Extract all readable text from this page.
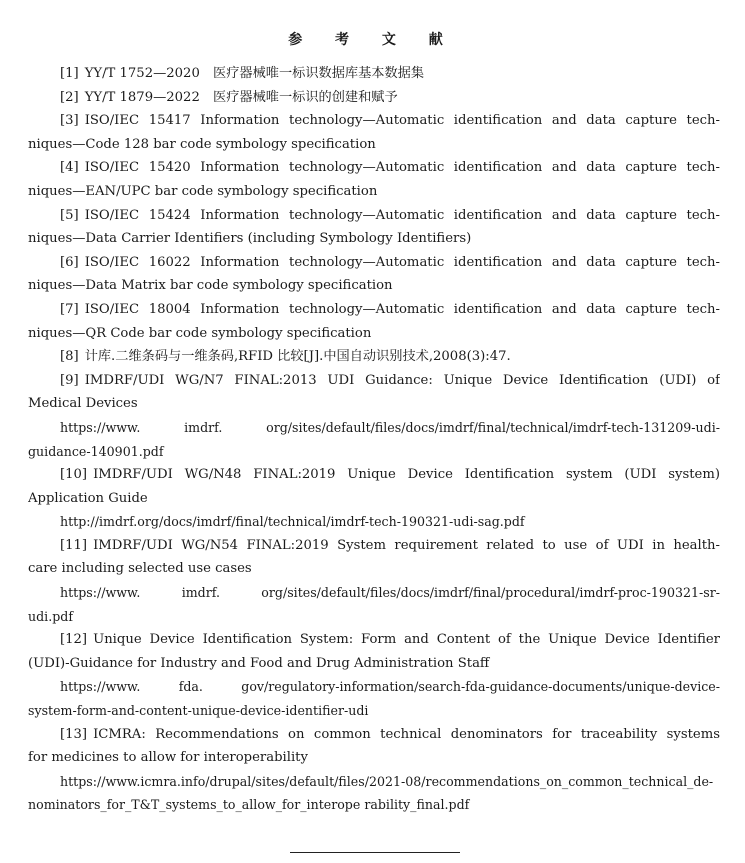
参 考 文 献
[1] YY/T 1752—2020　医疗器械唯一标识数据库基本数据集
[2] YY/T 1879—2022　医疗器械唯一标识的创建和赋予
[3] ISO/IEC 15417 Information technology—Automatic identification and data capture tech-
niques—Code 128 bar code symbology specification
[4] ISO/IEC 15420 Information technology—Automatic identification and data capture tech-
niques—EAN/UPC bar code symbology specification
[5] ISO/IEC 15424 Information technology—Automatic identification and data capture tech-
niques—Data Carrier Identifiers (including Symbology Identifiers)
[6] ISO/IEC 16022 Information technology—Automatic identification and data capture tech-
niques—Data Matrix bar code symbology specification
[7] ISO/IEC 18004 Information technology—Automatic identification and data capture tech-
niques—QR Code bar code symbology specification
[8] 计库.二维条码与一维条码,RFID 比较[J].中国自动识别技术,2008(3):47.
[9] IMDRF/UDI WG/N7 FINAL:2013 UDI Guidance: Unique Device Identification (UDI) of
Medical Devices
https://www. imdrf. org/sites/default/files/docs/imdrf/final/technical/imdrf-tech-131209-udi-
guidance-140901.pdf
[10] IMDRF/UDI WG/N48 FINAL:2019 Unique Device Identification system (UDI system)
Application Guide
http://imdrf.org/docs/imdrf/final/technical/imdrf-tech-190321-udi-sag.pdf
[11] IMDRF/UDI WG/N54 FINAL:2019 System requirement related to use of UDI in health-
care including selected use cases
https://www. imdrf. org/sites/default/files/docs/imdrf/final/procedural/imdrf-proc-190321-sr-
udi.pdf
[12] Unique Device Identification System: Form and Content of the Unique Device Identifier
(UDI)-Guidance for Industry and Food and Drug Administration Staff
https://www. fda. gov/regulatory-information/search-fda-guidance-documents/unique-device-
system-form-and-content-unique-device-identifier-udi
[13] ICMRA: Recommendations on common technical denominators for traceability systems
for medicines to allow for interoperability
https://www.icmra.info/drupal/sites/default/files/2021-08/recommendations_on_common_technical_de-
nominators_for_T&T_systems_to_allow_for_interope rability_final.pdf
